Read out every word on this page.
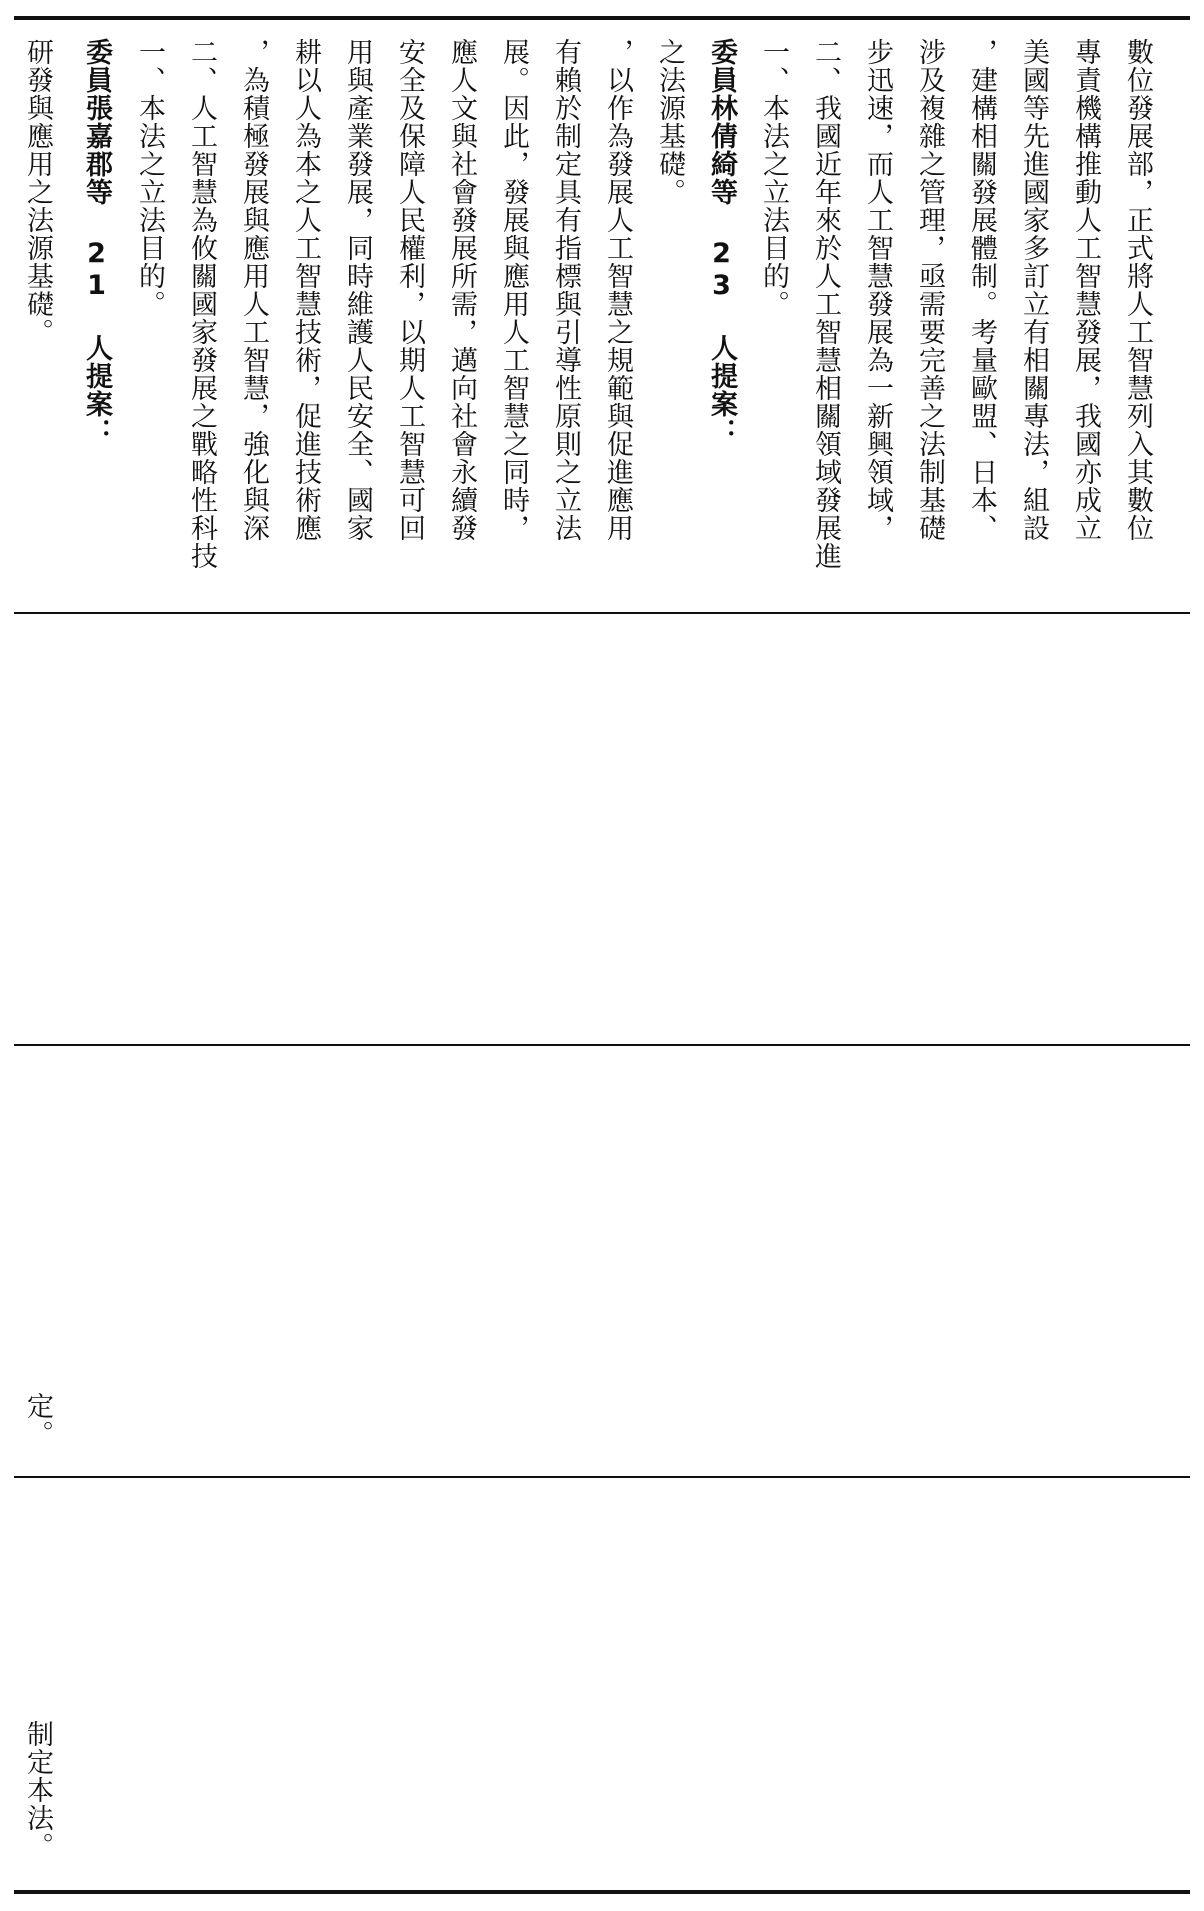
研發與應用之法源基礎。 委員張嘉郡等 21 人提案： 一、本法之立法目的。 二、人工智慧為攸關國家發展之戰略性科技 ，為積極發展與應用人工智慧，強化與深 耕以人為本之人工智慧技術，促進技術應 用與產業發展，同時維護人民安全、國家 安全及保障人民權利，以期人工智慧可回 應人文與社會發展所需，邁向社會永續發 展。因此，發展與應用人工智慧之同時， 有賴於制定具有指標與引導性原則之立法 ，以作為發展人工智慧之規範與促進應用 之法源基礎。 委員林倩綺等 23 人提案： 一、本法之立法目的。 二、我國近年來於人工智慧相關領域發展進 步迅速，而人工智慧發展為一新興領域， 涉及複雜之管理，亟需要完善之法制基礎 ，建構相關發展體制。考量歐盟、日本、 美國等先進國家多訂立有相關專法，組設 專責機構推動人工智慧發展，我國亦成立 數位發展部，正式將人工智慧列入其數位
定。
制定本法。
